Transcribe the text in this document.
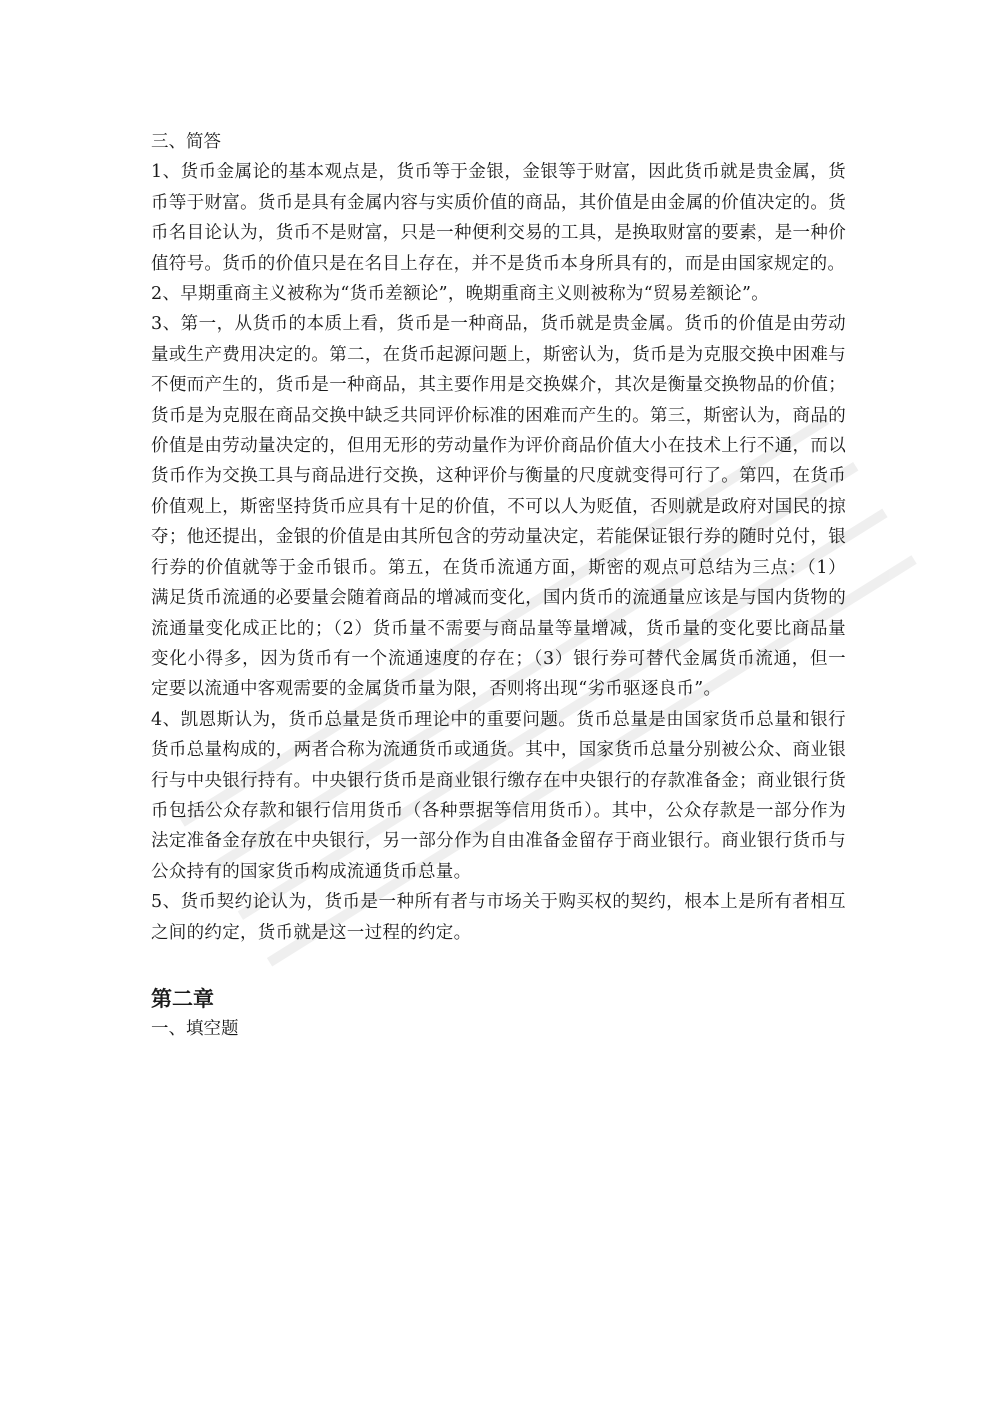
三、简答

1、货币金属论的基本观点是，货币等于金银，金银等于财富，因此货币就是贵金属，货币等于财富。货币是具有金属内容与实质价值的商品，其价值是由金属的价值决定的。货币名目论认为，货币不是财富，只是一种便利交易的工具，是换取财富的要素，是一种价值符号。货币的价值只是在名目上存在，并不是货币本身所具有的，而是由国家规定的。

2、早期重商主义被称为“货币差额论”，晚期重商主义则被称为“贸易差额论”。

3、第一，从货币的本质上看，货币是一种商品，货币就是贵金属。货币的价值是由劳动量或生产费用决定的。第二，在货币起源问题上，斯密认为，货币是为克服交换中困难与不便而产生的，货币是一种商品，其主要作用是交换媒介，其次是衡量交换物品的价值；货币是为克服在商品交换中缺乏共同评价标准的困难而产生的。第三，斯密认为，商品的价值是由劳动量决定的，但用无形的劳动量作为评价商品价值大小在技术上行不通，而以货币作为交换工具与商品进行交换，这种评价与衡量的尺度就变得可行了。第四，在货币价值观上，斯密坚持货币应具有十足的价值，不可以人为贬值，否则就是政府对国民的掠夺；他还提出，金银的价值是由其所包含的劳动量决定，若能保证银行券的随时兑付，银行券的价值就等于金币银币。第五，在货币流通方面，斯密的观点可总结为三点：（1）满足货币流通的必要量会随着商品的增减而变化，国内货币的流通量应该是与国内货物的流通量变化成正比的；（2）货币量不需要与商品量等量增减，货币量的变化要比商品量变化小得多，因为货币有一个流通速度的存在；（3）银行券可替代金属货币流通，但一定要以流通中客观需要的金属货币量为限，否则将出现“劣币驱逐良币”。

4、凯恩斯认为，货币总量是货币理论中的重要问题。货币总量是由国家货币总量和银行货币总量构成的，两者合称为流通货币或通货。其中，国家货币总量分别被公众、商业银行与中央银行持有。中央银行货币是商业银行缴存在中央银行的存款准备金；商业银行货币包括公众存款和银行信用货币（各种票据等信用货币）。其中，公众存款是一部分作为法定准备金存放在中央银行，另一部分作为自由准备金留存于商业银行。商业银行货币与公众持有的国家货币构成流通货币总量。

5、货币契约论认为，货币是一种所有者与市场关于购买权的契约，根本上是所有者相互之间的约定，货币就是这一过程的约定。

第二章

一、填空题
